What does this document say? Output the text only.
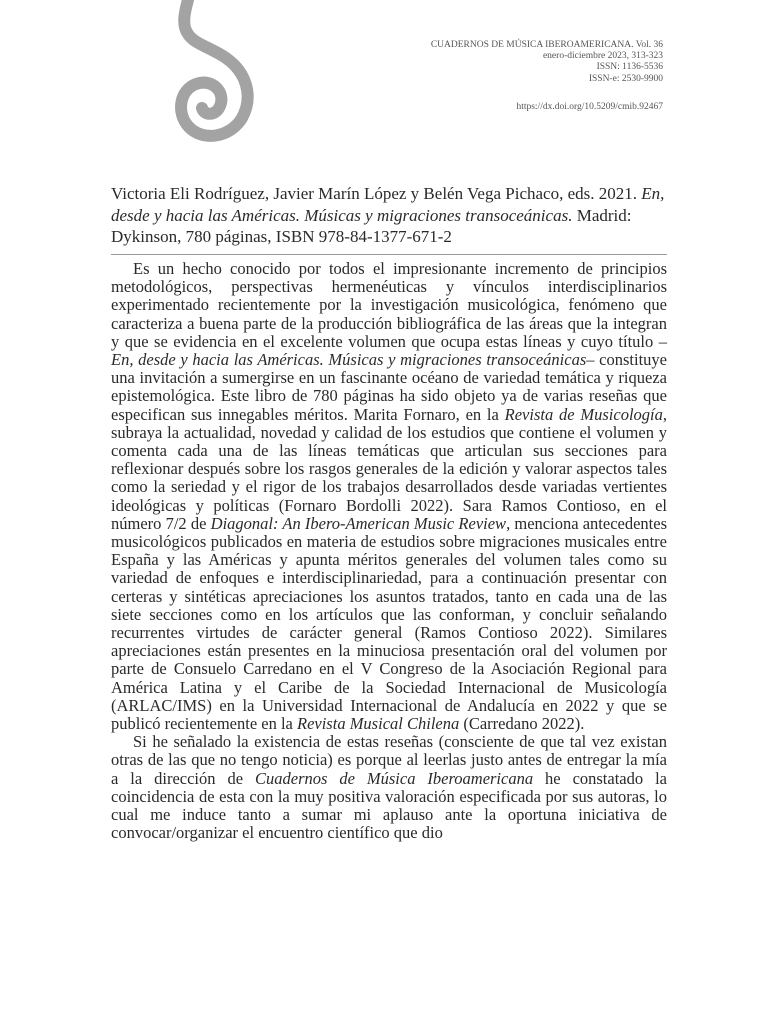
CUADERNOS DE MÚSICA IBEROAMERICANA. Vol. 36
enero-diciembre 2023, 313-323
ISSN: 1136-5536
ISSN-e: 2530-9900
https://dx.doi.org/10.5209/cmib.92467
Victoria Eli Rodríguez, Javier Marín López y Belén Vega Pichaco, eds. 2021. En, desde y hacia las Américas. Músicas y migraciones transoceánicas. Madrid: Dykinson, 780 páginas, ISBN 978-84-1377-671-2

Es un hecho conocido por todos el impresionante incremento de principios metodológicos, perspectivas hermenéuticas y vínculos interdisciplinarios experimentado recientemente por la investigación musicológica, fenómeno que caracteriza a buena parte de la producción bibliográfica de las áreas que la integran y que se evidencia en el excelente volumen que ocupa estas líneas y cuyo título –En, desde y hacia las Américas. Músicas y migraciones transoceánicas– constituye una invitación a sumergirse en un fascinante océano de variedad temática y riqueza epistemológica. Este libro de 780 páginas ha sido objeto ya de varias reseñas que especifican sus innegables méritos. Marita Fornaro, en la Revista de Musicología, subraya la actualidad, novedad y calidad de los estudios que contiene el volumen y comenta cada una de las líneas temáticas que articulan sus secciones para reflexionar después sobre los rasgos generales de la edición y valorar aspectos tales como la seriedad y el rigor de los trabajos desarrollados desde variadas vertientes ideológicas y políticas (Fornaro Bordolli 2022). Sara Ramos Contioso, en el número 7/2 de Diagonal: An Ibero-American Music Review, menciona antecedentes musicológicos publicados en materia de estudios sobre migraciones musicales entre España y las Américas y apunta méritos generales del volumen tales como su variedad de enfoques e interdisciplinariedad, para a continuación presentar con certeras y sintéticas apreciaciones los asuntos tratados, tanto en cada una de las siete secciones como en los artículos que las conforman, y concluir señalando recurrentes virtudes de carácter general (Ramos Contioso 2022). Similares apreciaciones están presentes en la minuciosa presentación oral del volumen por parte de Consuelo Carredano en el V Congreso de la Asociación Regional para América Latina y el Caribe de la Sociedad Internacional de Musicología (ARLAC/IMS) en la Universidad Internacional de Andalucía en 2022 y que se publicó recientemente en la Revista Musical Chilena (Carredano 2022).

Si he señalado la existencia de estas reseñas (consciente de que tal vez existan otras de las que no tengo noticia) es porque al leerlas justo antes de entregar la mía a la dirección de Cuadernos de Música Iberoamericana he constatado la coincidencia de esta con la muy positiva valoración especificada por sus autoras, lo cual me induce tanto a sumar mi aplauso ante la oportuna iniciativa de convocar/organizar el encuentro científico que dio
